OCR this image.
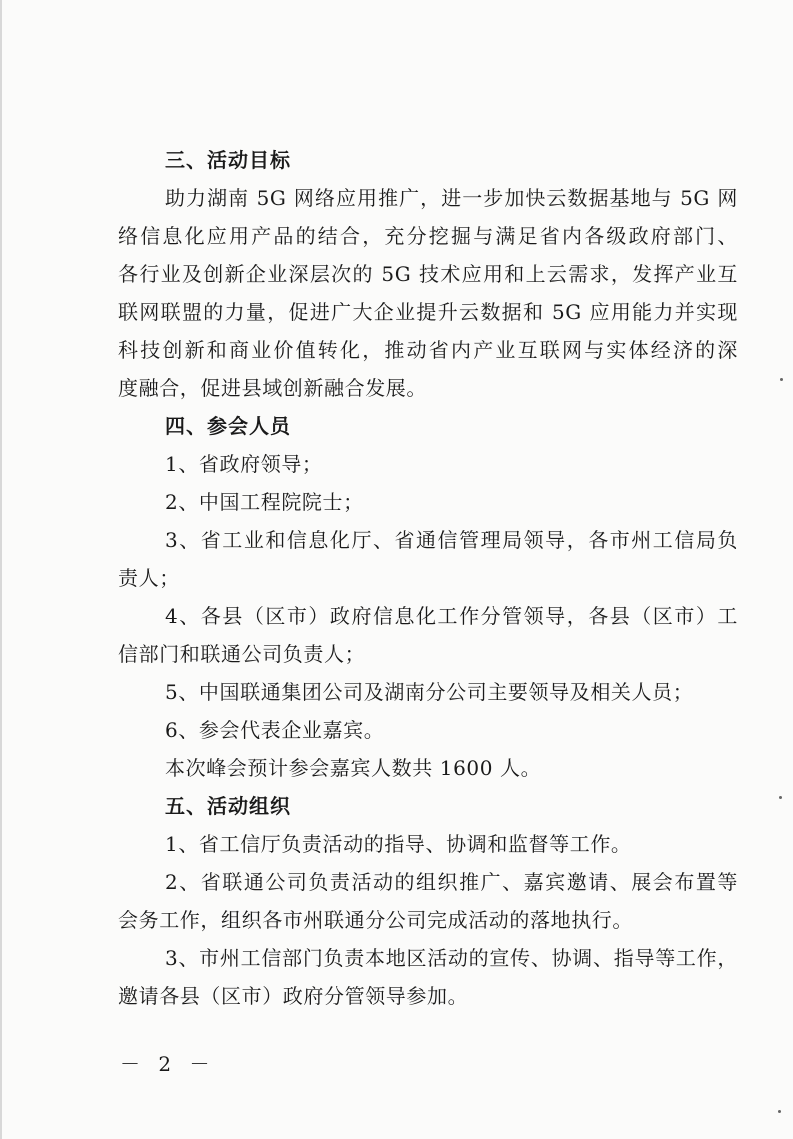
三、活动目标
助力湖南 5G 网络应用推广，进一步加快云数据基地与 5G 网
络信息化应用产品的结合，充分挖掘与满足省内各级政府部门、
各行业及创新企业深层次的 5G 技术应用和上云需求，发挥产业互
联网联盟的力量，促进广大企业提升云数据和 5G 应用能力并实现
科技创新和商业价值转化，推动省内产业互联网与实体经济的深
度融合，促进县域创新融合发展。
四、参会人员
1、省政府领导；
2、中国工程院院士；
3、省工业和信息化厅、省通信管理局领导，各市州工信局负
责人；
4、各县（区市）政府信息化工作分管领导，各县（区市）工
信部门和联通公司负责人；
5、中国联通集团公司及湖南分公司主要领导及相关人员；
6、参会代表企业嘉宾。
本次峰会预计参会嘉宾人数共 1600 人。
五、活动组织
1、省工信厅负责活动的指导、协调和监督等工作。
2、省联通公司负责活动的组织推广、嘉宾邀请、展会布置等
会务工作，组织各市州联通分公司完成活动的落地执行。
3、市州工信部门负责本地区活动的宣传、协调、指导等工作，
邀请各县（区市）政府分管领导参加。
－ 2 －
